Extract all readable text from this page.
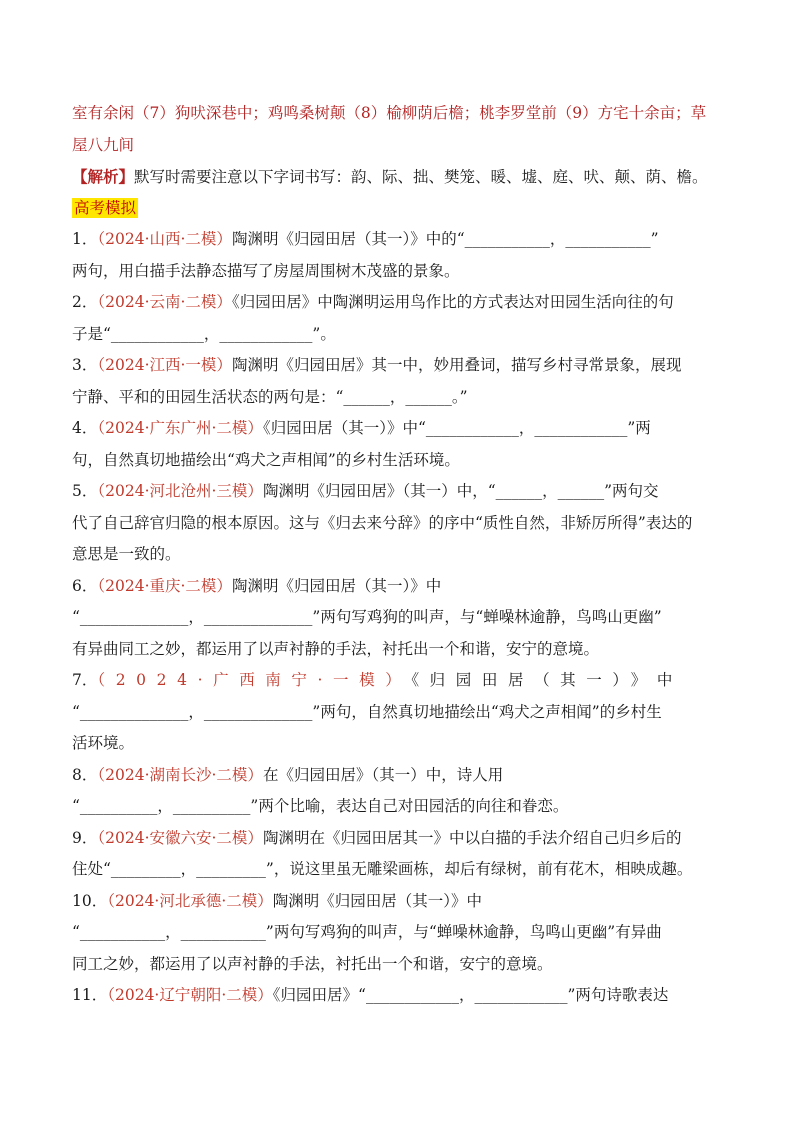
室有余闲（7）狗吠深巷中；鸡鸣桑树颠（8）榆柳荫后檐；桃李罗堂前（9）方宅十余亩；草
屋八九间
【解析】默写时需要注意以下字词书写：韵、际、拙、樊笼、暖、墟、庭、吠、颠、荫、檐。
高考模拟
1．（2024·山西·二模）陶渊明《归园田居（其一）》中的“___________，___________”
两句，用白描手法静态描写了房屋周围树木茂盛的景象。
2．（2024·云南·二模）《归园田居》中陶渊明运用鸟作比的方式表达对田园生活向往的句
子是“____________，____________”。
3．（2024·江西·一模）陶渊明《归园田居》其一中，妙用叠词，描写乡村寻常景象，展现
宁静、平和的田园生活状态的两句是：“______，______。”
4．（2024·广东广州·二模）《归园田居（其一）》中“____________，____________”两
句，自然真切地描绘出“鸡犬之声相闻”的乡村生活环境。
5．（2024·河北沧州·三模）陶渊明《归园田居》（其一）中，“______，______”两句交
代了自己辞官归隐的根本原因。这与《归去来兮辞》的序中“质性自然，非矫厉所得”表达的
意思是一致的。
6．（2024·重庆·二模）陶渊明《归园田居（其一）》中
“______________，______________”两句写鸡狗的叫声，与“蝉噪林逾静，鸟鸣山更幽”
有异曲同工之妙，都运用了以声衬静的手法，衬托出一个和谐，安宁的意境。
7．（2024·广西南宁·一模）《归园田居（其一）》中
“______________，______________”两句，自然真切地描绘出“鸡犬之声相闻”的乡村生
活环境。
8．（2024·湖南长沙·二模）在《归园田居》（其一）中，诗人用
“__________，__________”两个比喻，表达自己对田园活的向往和眷恋。
9．（2024·安徽六安·二模）陶渊明在《归园田居其一》中以白描的手法介绍自己归乡后的
住处“_________，_________”，说这里虽无雕梁画栋，却后有绿树，前有花木，相映成趣。
10．（2024·河北承德·二模）陶渊明《归园田居（其一）》中
“___________，___________”两句写鸡狗的叫声，与“蝉噪林逾静，鸟鸣山更幽”有异曲
同工之妙，都运用了以声衬静的手法，衬托出一个和谐，安宁的意境。
11．（2024·辽宁朝阳·二模）《归园田居》“____________，____________”两句诗歌表达
